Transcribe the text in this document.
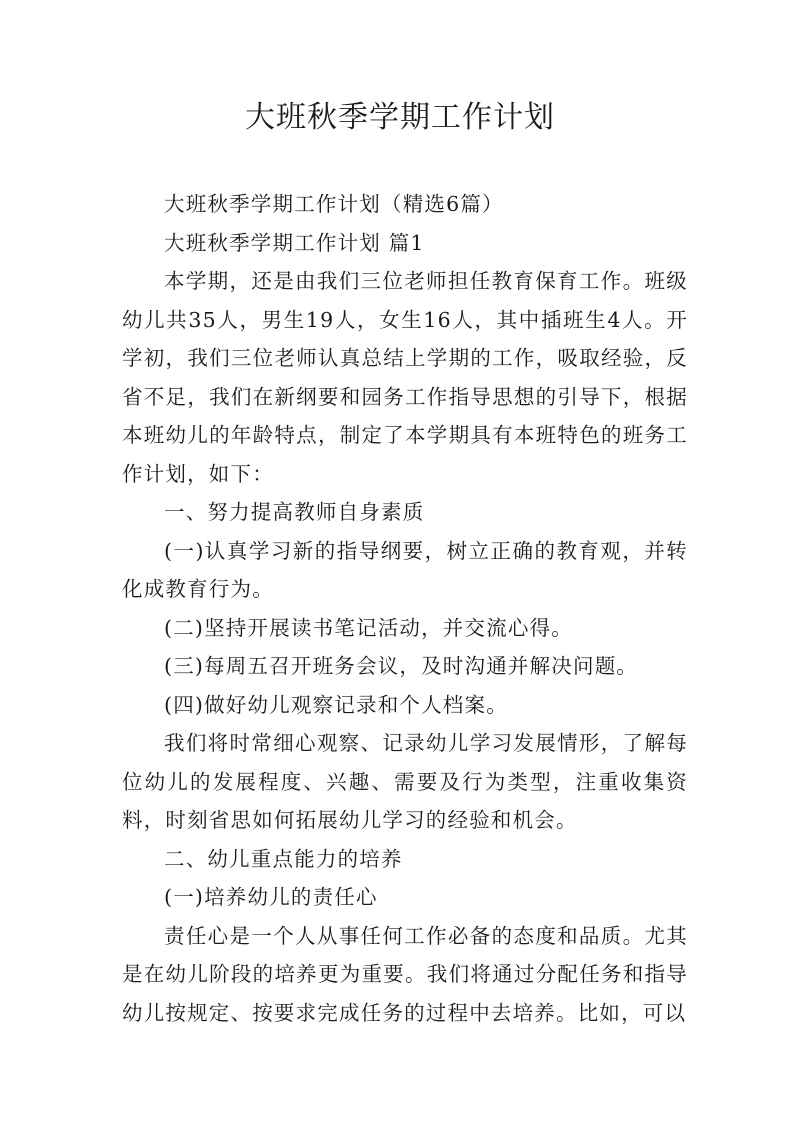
大班秋季学期工作计划

大班秋季学期工作计划（精选6篇）

大班秋季学期工作计划 篇1

本学期，还是由我们三位老师担任教育保育工作。班级幼儿共35人，男生19人，女生16人，其中插班生4人。开学初，我们三位老师认真总结上学期的工作，吸取经验，反省不足，我们在新纲要和园务工作指导思想的引导下，根据本班幼儿的年龄特点，制定了本学期具有本班特色的班务工作计划，如下：

一、努力提高教师自身素质

(一)认真学习新的指导纲要，树立正确的教育观，并转化成教育行为。

(二)坚持开展读书笔记活动，并交流心得。

(三)每周五召开班务会议，及时沟通并解决问题。

(四)做好幼儿观察记录和个人档案。

我们将时常细心观察、记录幼儿学习发展情形，了解每位幼儿的发展程度、兴趣、需要及行为类型，注重收集资料，时刻省思如何拓展幼儿学习的经验和机会。

二、幼儿重点能力的培养

(一)培养幼儿的责任心

责任心是一个人从事任何工作必备的态度和品质。尤其是在幼儿阶段的培养更为重要。我们将通过分配任务和指导幼儿按规定、按要求完成任务的过程中去培养。比如，可以
